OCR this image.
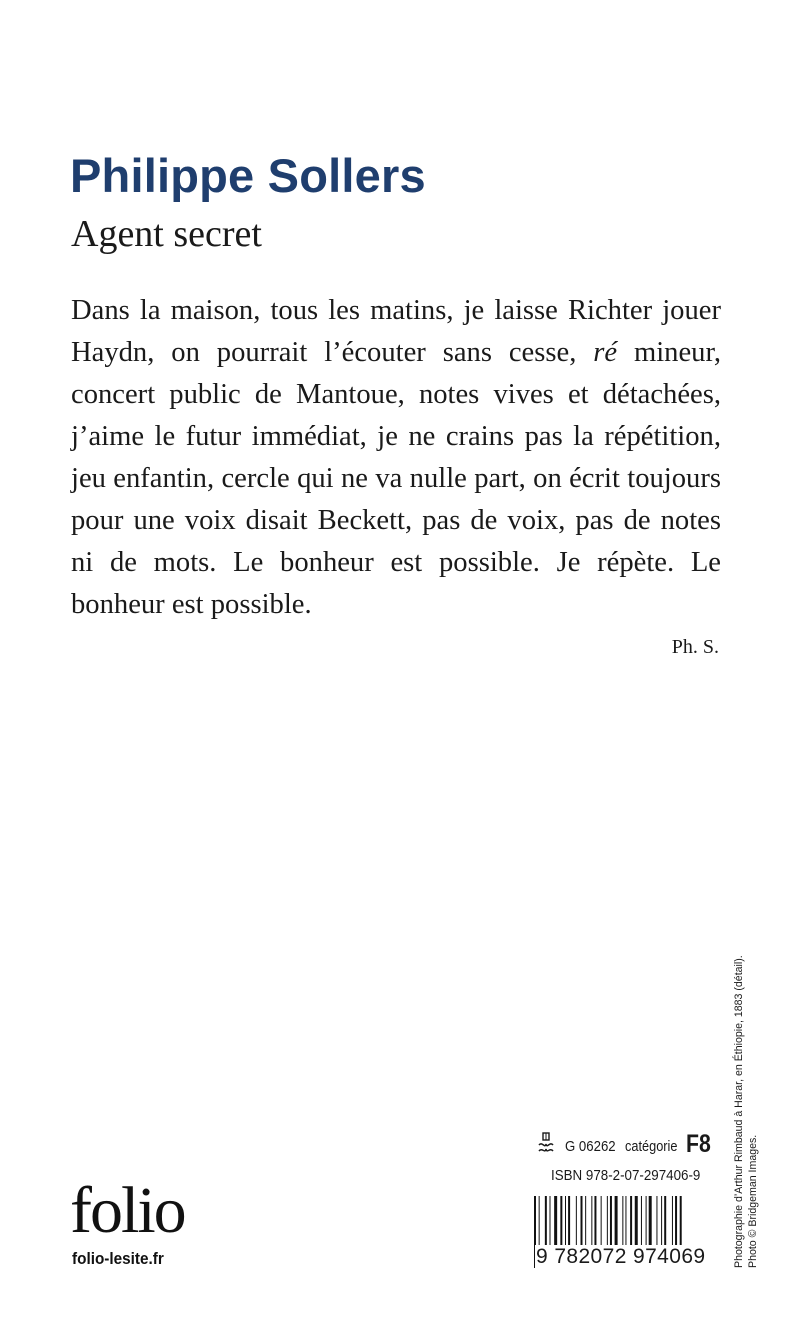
Philippe Sollers
Agent secret

Dans la maison, tous les matins, je laisse Richter jouer Haydn, on pourrait l’écouter sans cesse, ré mineur, concert public de Mantoue, notes vives et détachées, j’aime le futur immédiat, je ne crains pas la répétition, jeu enfantin, cercle qui ne va nulle part, on écrit toujours pour une voix disait Beckett, pas de voix, pas de notes ni de mots. Le bonheur est possible. Je répète. Le bonheur est possible.

Ph. S.
Photographie d’Arthur Rimbaud à Harar, en Éthiopie, 1883 (détail). Photo © Bridgeman Images.
G 06262 catégorie F8
ISBN 978-2-07-297406-9
9 782072 974069
folio
folio-lesite.fr
